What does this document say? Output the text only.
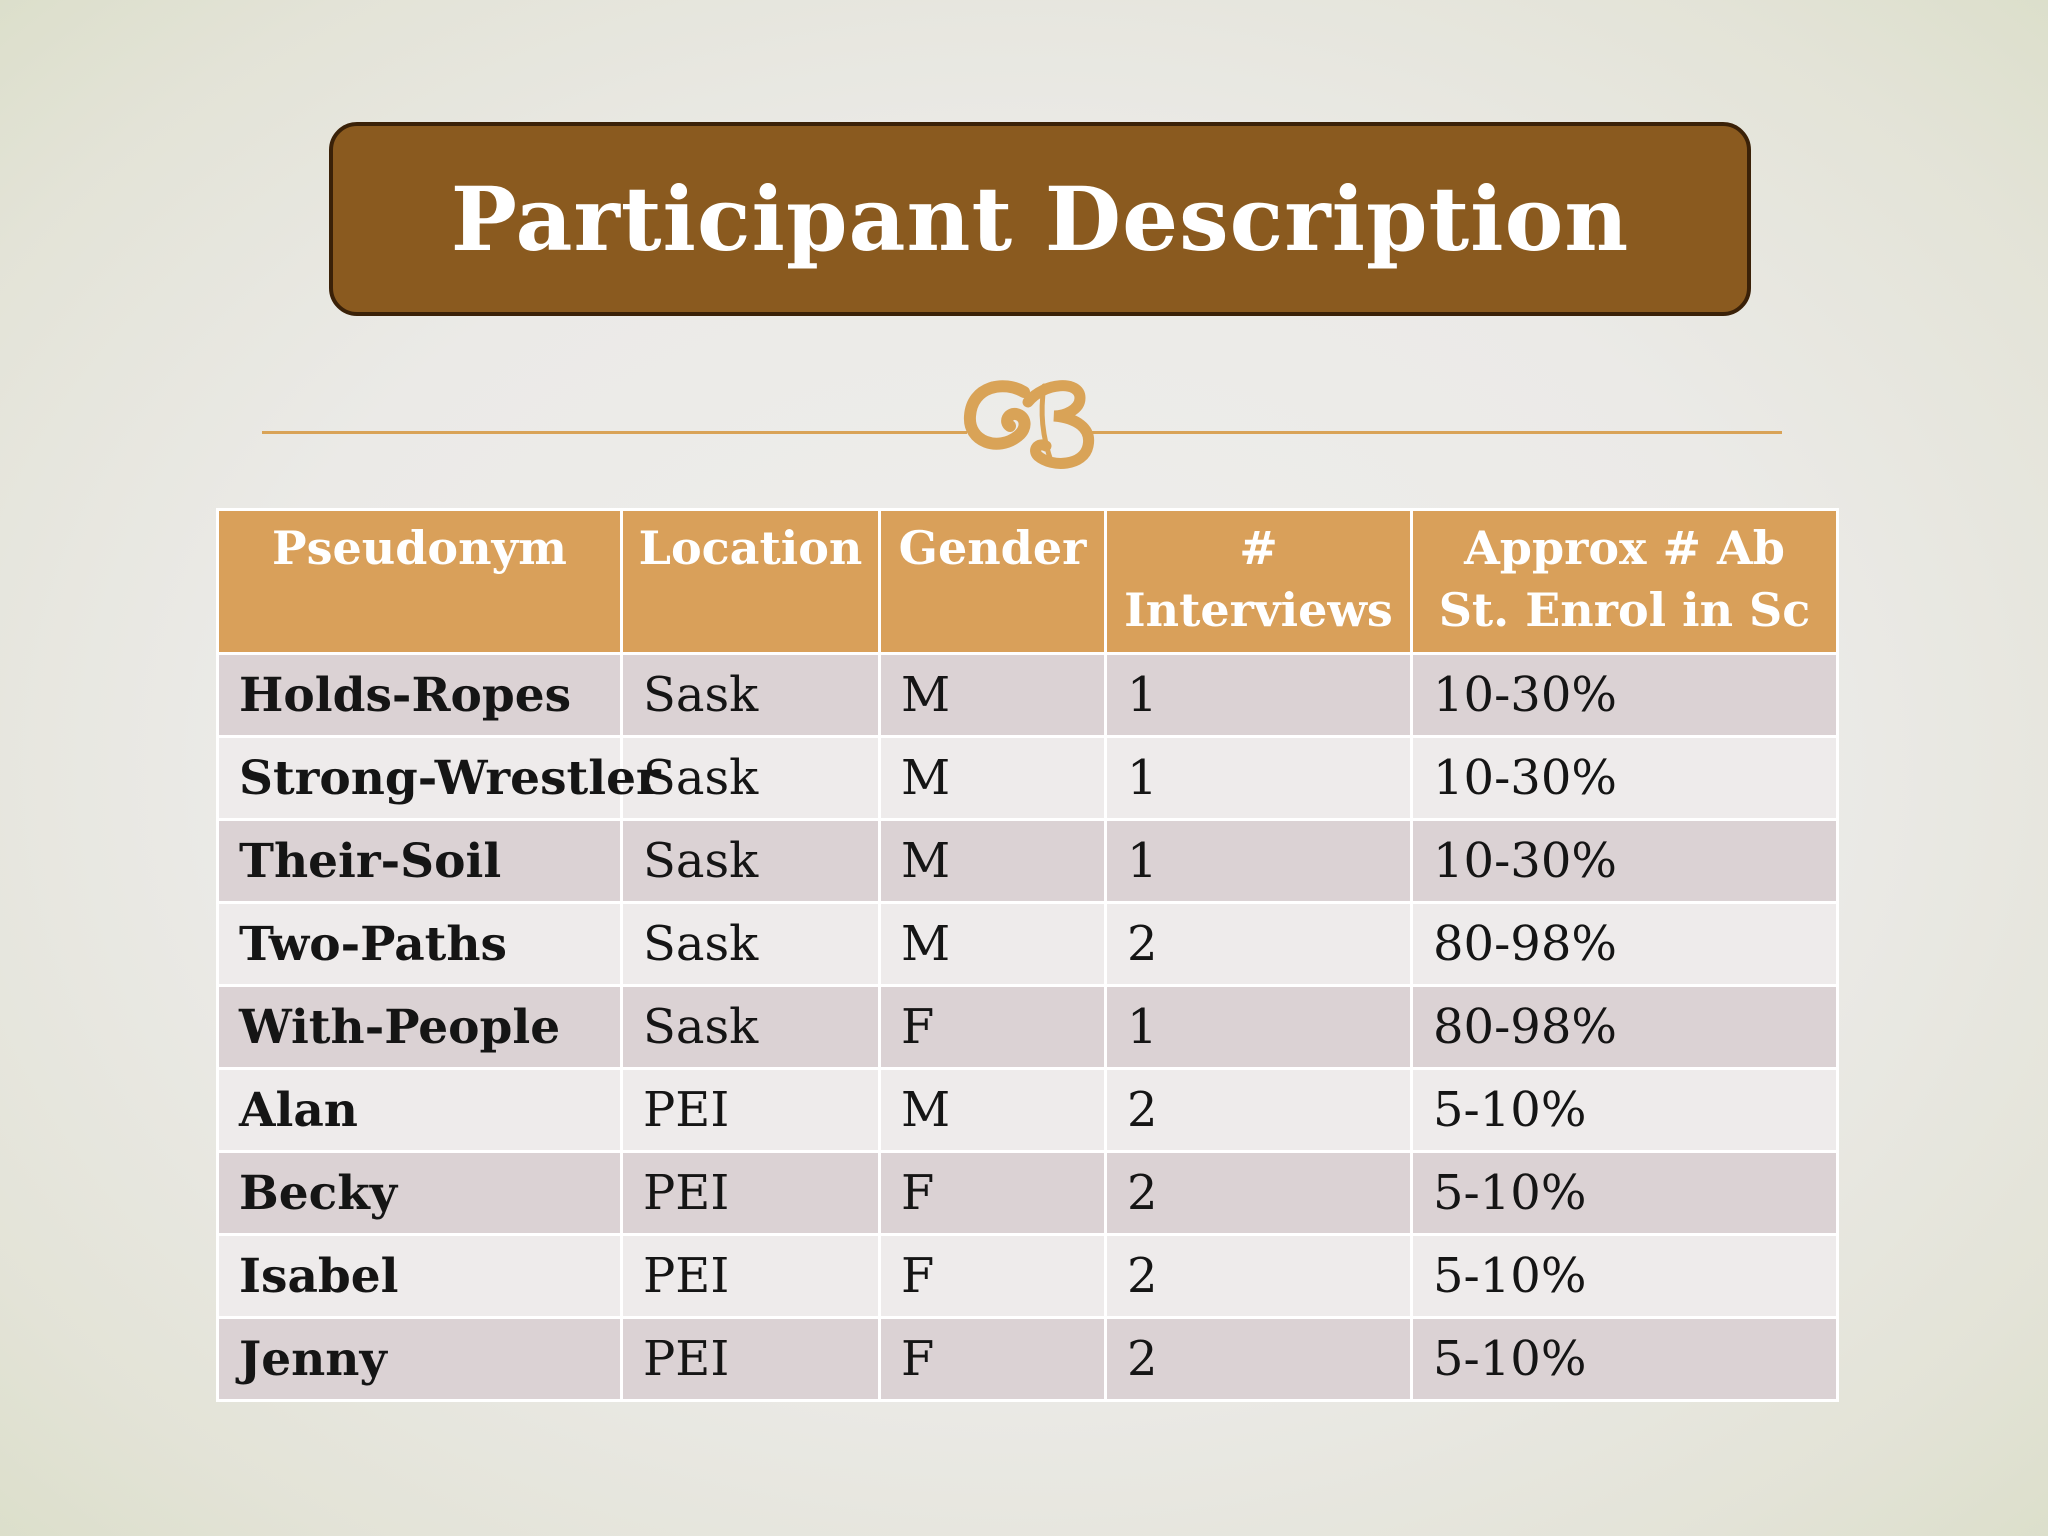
Participant Description
Pseudonym	Location	Gender	# Interviews	Approx # Ab St. Enrol in Sc
Holds-Ropes	Sask	M	1	10-30%
Strong-Wrestler	Sask	M	1	10-30%
Their-Soil	Sask	M	1	10-30%
Two-Paths	Sask	M	2	80-98%
With-People	Sask	F	1	80-98%
Alan	PEI	M	2	5-10%
Becky	PEI	F	2	5-10%
Isabel	PEI	F	2	5-10%
Jenny	PEI	F	2	5-10%
